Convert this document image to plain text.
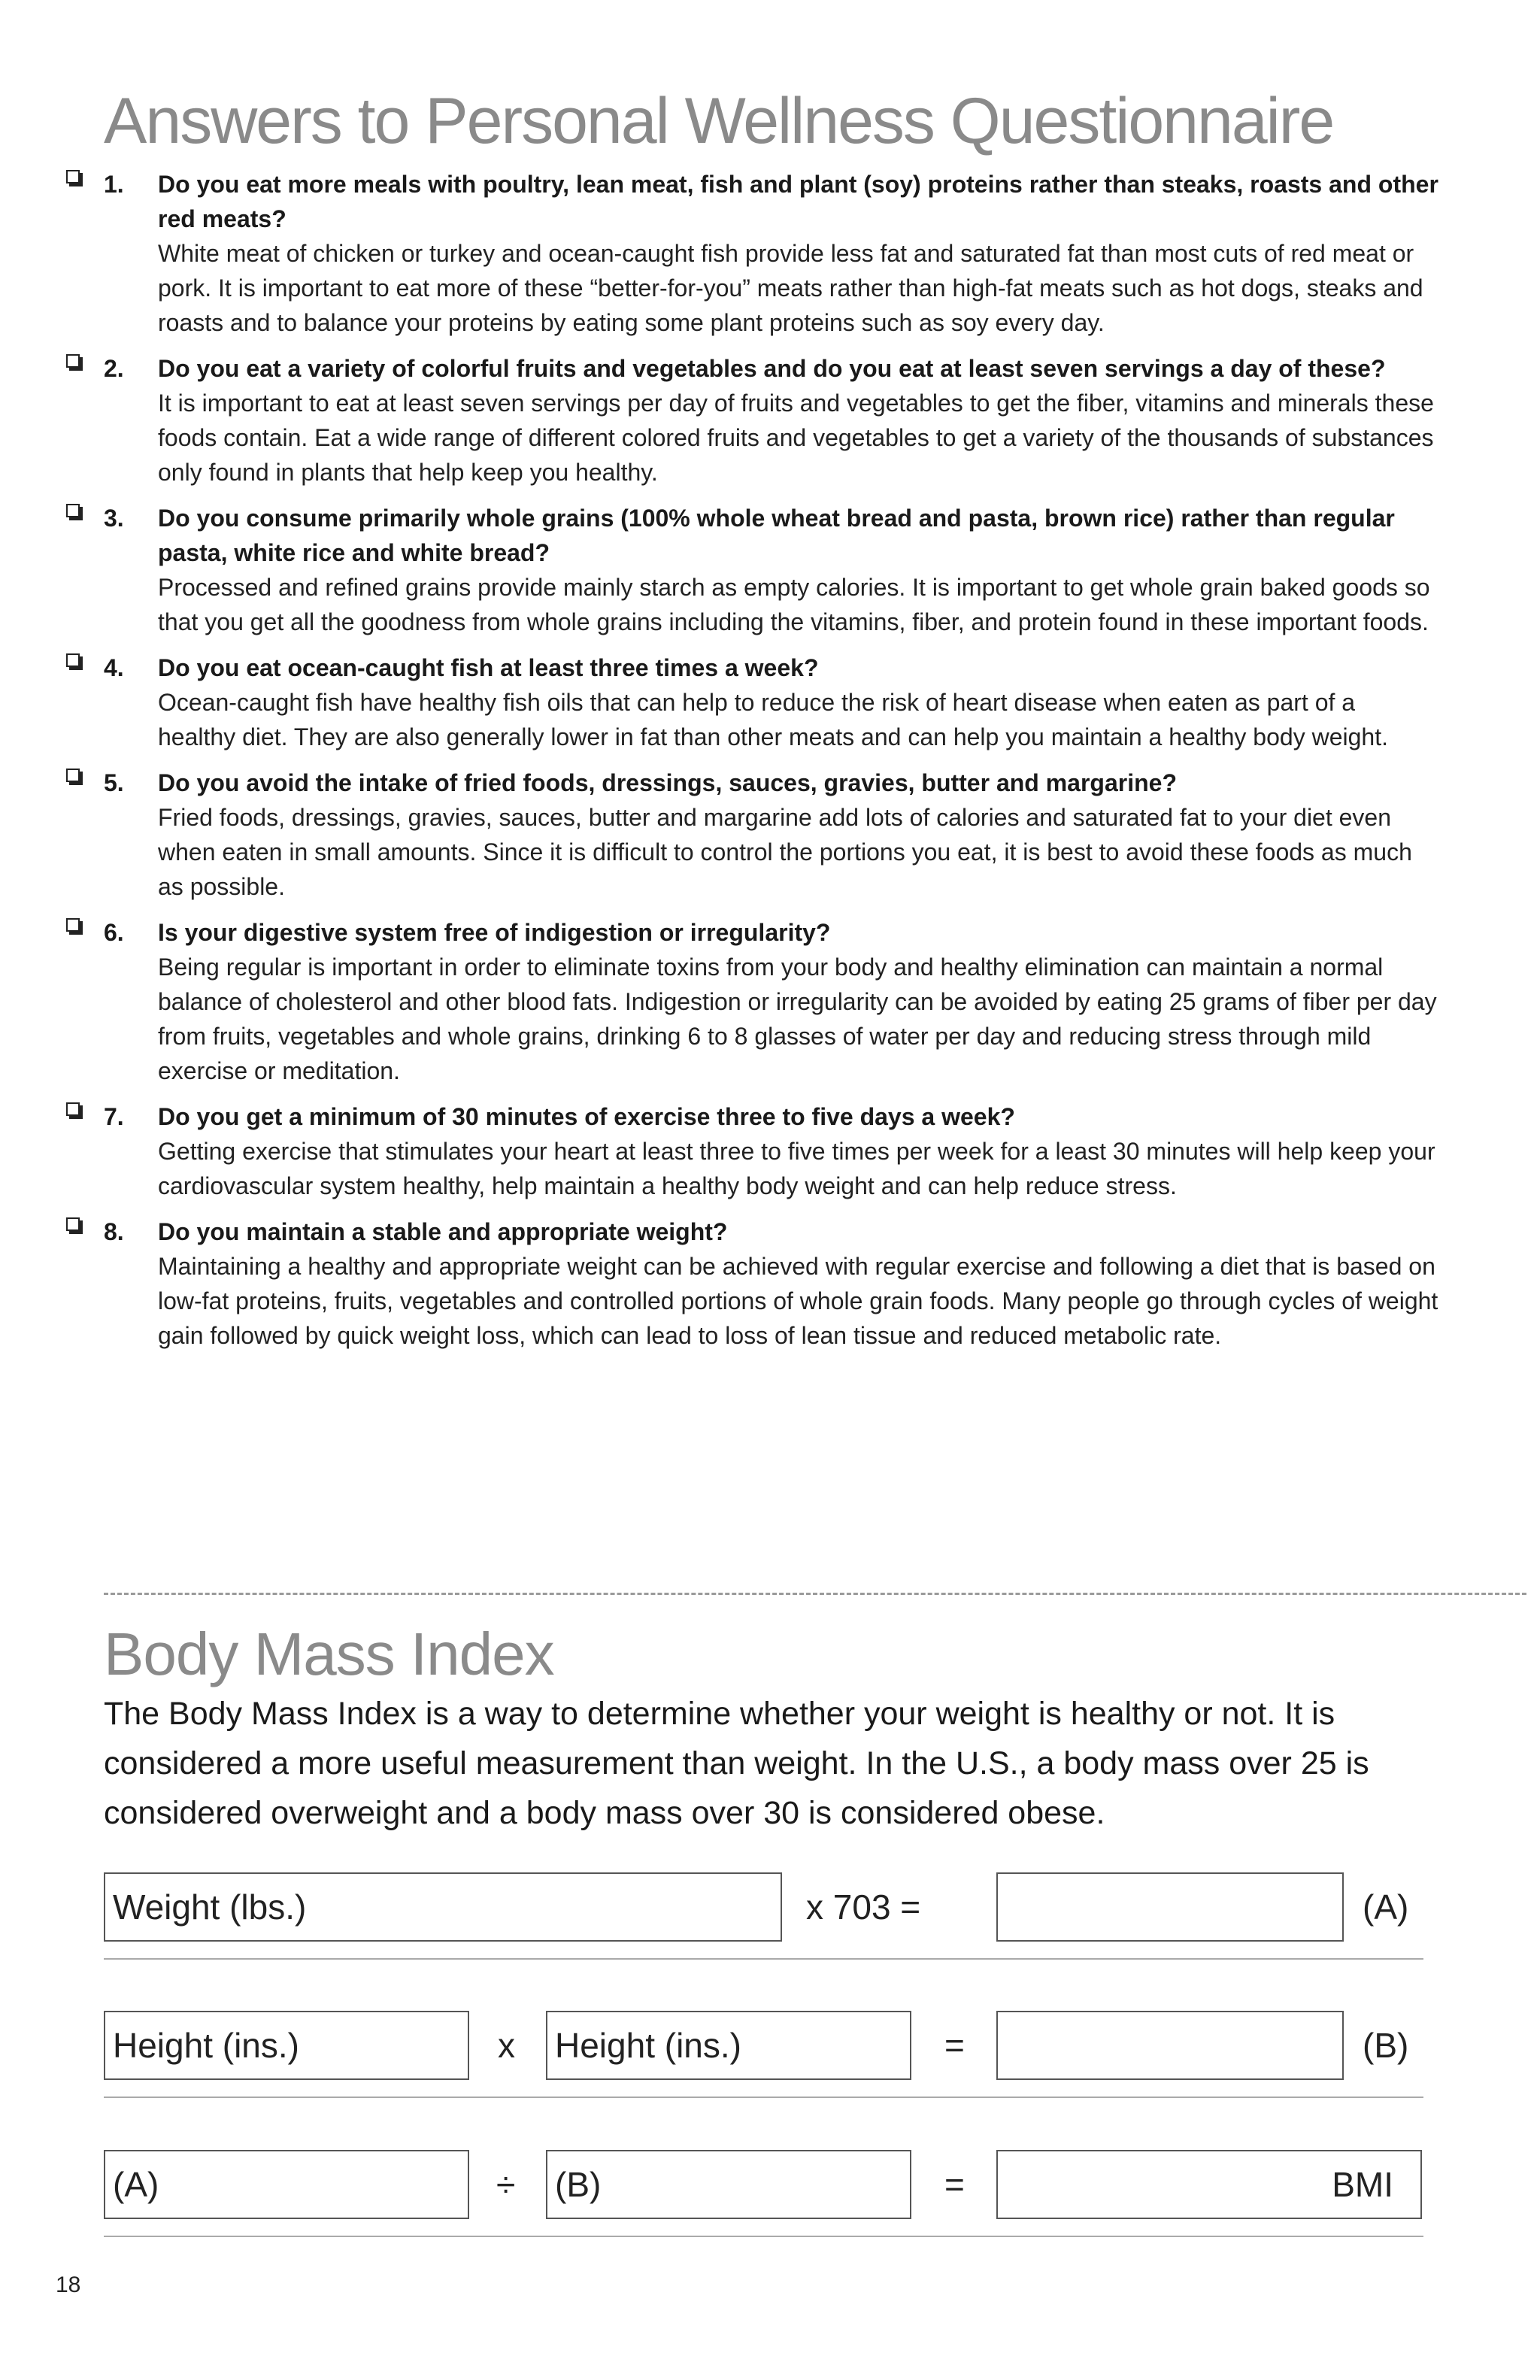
Answers to Personal Wellness Questionnaire
1. Do you eat more meals with poultry, lean meat, fish and plant (soy) proteins rather than steaks, roasts and other red meats?

White meat of chicken or turkey and ocean-caught fish provide less fat and saturated fat than most cuts of red meat or pork. It is important to eat more of these “better-for-you” meats rather than high-fat meats such as hot dogs, steaks and roasts and to balance your proteins by eating some plant proteins such as soy every day.

2. Do you eat a variety of colorful fruits and vegetables and do you eat at least seven servings a day of these?

It is important to eat at least seven servings per day of fruits and vegetables to get the fiber, vitamins and minerals these foods contain. Eat a wide range of different colored fruits and vegetables to get a variety of the thousands of substances only found in plants that help keep you healthy.

3. Do you consume primarily whole grains (100% whole wheat bread and pasta, brown rice) rather than regular pasta, white rice and white bread?

Processed and refined grains provide mainly starch as empty calories. It is important to get whole grain baked goods so that you get all the goodness from whole grains including the vitamins, fiber, and protein found in these important foods.

4. Do you eat ocean-caught fish at least three times a week?

Ocean-caught fish have healthy fish oils that can help to reduce the risk of heart disease when eaten as part of a healthy diet. They are also generally lower in fat than other meats and can help you maintain a healthy body weight.

5. Do you avoid the intake of fried foods, dressings, sauces, gravies, butter and margarine?

Fried foods, dressings, gravies, sauces, butter and margarine add lots of calories and saturated fat to your diet even when eaten in small amounts. Since it is difficult to control the portions you eat, it is best to avoid these foods as much as possible.

6. Is your digestive system free of indigestion or irregularity?

Being regular is important in order to eliminate toxins from your body and healthy elimination can maintain a normal balance of cholesterol and other blood fats. Indigestion or irregularity can be avoided by eating 25 grams of fiber per day from fruits, vegetables and whole grains, drinking 6 to 8 glasses of water per day and reducing stress through mild exercise or meditation.

7. Do you get a minimum of 30 minutes of exercise three to five days a week?

Getting exercise that stimulates your heart at least three to five times per week for a least 30 minutes will help keep your cardiovascular system healthy, help maintain a healthy body weight and can help reduce stress.

8. Do you maintain a stable and appropriate weight?

Maintaining a healthy and appropriate weight can be achieved with regular exercise and following a diet that is based on low-fat proteins, fruits, vegetables and controlled portions of whole grain foods. Many people go through cycles of weight gain followed by quick weight loss, which can lead to loss of lean tissue and reduced metabolic rate.

Body Mass Index

The Body Mass Index is a way to determine whether your weight is healthy or not. It is considered a more useful measurement than weight. In the U.S., a body mass over 25 is considered overweight and a body mass over 30 is considered obese.

Weight (lbs.)	x 703 =	(A)
Height (ins.)	x Height (ins.)	=	(B)
(A)	÷ (B)	=	BMI
18
